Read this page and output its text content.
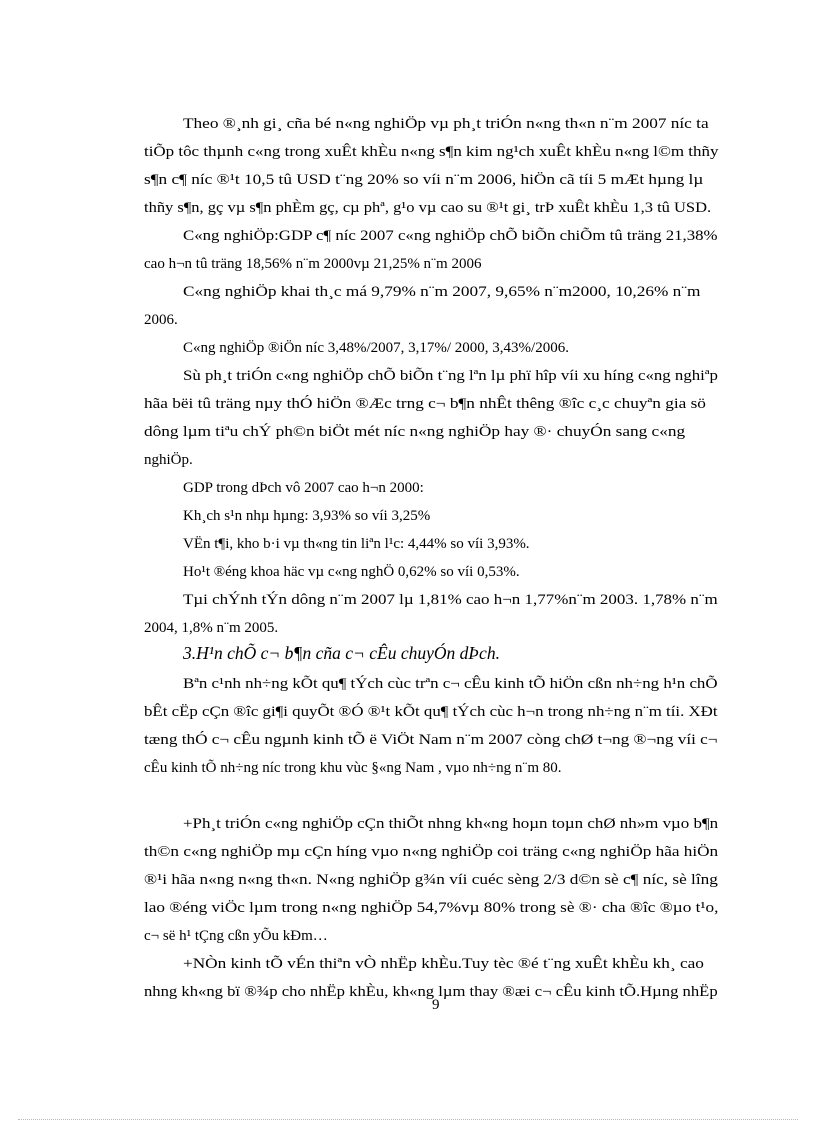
Theo ®¸nh gi¸ cña bé n«ng nghiÖp vµ ph¸t triÓn n«ng th«n n¨m 2007 níc ta
tiÕp tôc thµnh c«ng trong xuÊt khÈu n«ng s¶n kim ng¹ch xuÊt khÈu n«ng l©m thñy
s¶n c¶ níc ®¹t 10,5 tû USD t¨ng 20% so víi n¨m 2006, hiÖn cã tíi 5 mÆt hµng lµ
thñy s¶n, gç vµ s¶n phÈm gç, cµ phª, g¹o vµ cao su ®¹t gi¸ trÞ xuÊt khÈu 1,3 tû USD.
C«ng nghiÖp:GDP c¶ níc 2007 c«ng nghiÖp chÕ biÕn chiÕm tû träng 21,38%
cao h¬n tû träng 18,56% n¨m 2000vµ 21,25% n¨m 2006
C«ng nghiÖp khai th¸c má 9,79% n¨m 2007, 9,65% n¨m2000, 10,26% n¨m
2006.
C«ng nghiÖp ®iÖn níc 3,48%/2007, 3,17%/ 2000, 3,43%/2006.
Sù ph¸t triÓn c«ng nghiÖp chÕ biÕn t¨ng lªn lµ phï hîp víi xu híng c«ng nghiªp
hãa bëi tû träng nµy thÓ hiÖn ®Æc trng c¬ b¶n nhÊt thêng ®îc c¸c chuyªn gia sö
dông lµm tiªu chÝ ph©n biÖt mét níc n«ng nghiÖp hay ®· chuyÓn sang c«ng
nghiÖp.
GDP trong dÞch vô 2007 cao h¬n 2000:
Kh¸ch s¹n nhµ hµng: 3,93% so víi 3,25%
VËn t¶i, kho b·i vµ th«ng tin liªn l¹c: 4,44% so víi 3,93%.
Ho¹t ®éng khoa häc vµ c«ng nghÖ 0,62% so víi 0,53%.
Tµi chÝnh tÝn dông n¨m 2007 lµ 1,81% cao h¬n 1,77%n¨m 2003. 1,78% n¨m
2004, 1,8% n¨m 2005.
3.H¹n chÕ c¬ b¶n cña c¬ cÊu chuyÓn dÞch.
Bªn c¹nh nh÷ng kÕt qu¶ tÝch cùc trªn c¬ cÊu kinh tÕ hiÖn cßn nh÷ng h¹n chÕ
bÊt cËp cÇn ®îc gi¶i quyÕt ®Ó ®¹t kÕt qu¶ tÝch cùc h¬n trong nh÷ng n¨m tíi. XÐt
tæng thÓ c¬ cÊu ngµnh kinh tÕ ë ViÖt Nam n¨m 2007 còng chØ t¬ng ®¬ng víi c¬
cÊu kinh tÕ nh÷ng níc trong khu vùc §«ng Nam , vµo nh÷ng n¨m 80.
+Ph¸t triÓn c«ng nghiÖp cÇn thiÕt nhng kh«ng hoµn toµn chØ nh»m vµo b¶n
th©n c«ng nghiÖp mµ cÇn híng vµo n«ng nghiÖp coi träng c«ng nghiÖp hãa hiÖn
®¹i hãa n«ng n«ng th«n. N«ng nghiÖp g¾n víi cuéc sèng 2/3 d©n sè c¶ níc, sè lîng
lao ®éng viÖc lµm trong n«ng nghiÖp 54,7%vµ 80% trong sè ®· cha ®îc ®µo t¹o,
c¬ së h¹ tÇng cßn yÕu kÐm…
+NÒn kinh tÕ vÉn thiªn vÒ nhËp khÈu.Tuy tèc ®é t¨ng xuÊt khÈu kh¸ cao
nhng kh«ng bï ®¾p cho nhËp khÈu, kh«ng lµm thay ®æi c¬ cÊu kinh tÕ.Hµng nhËp
9
